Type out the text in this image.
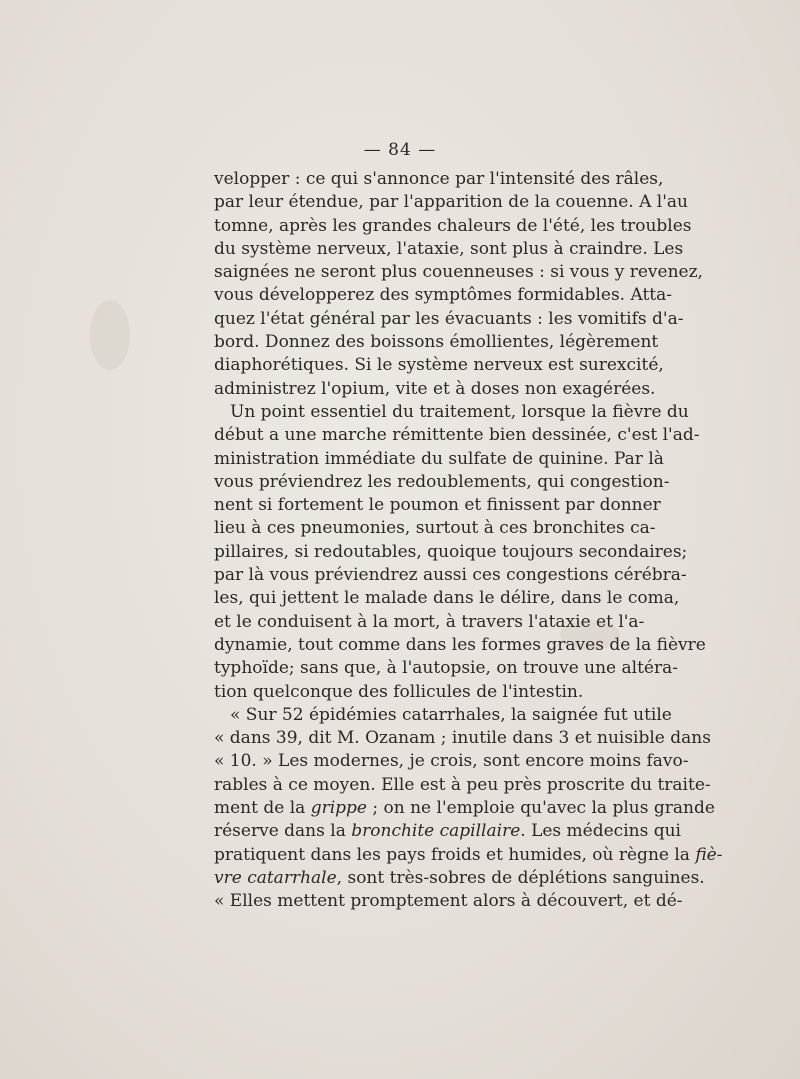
— 84 —
velopper : ce qui s'annonce par l'intensité des râles,
par leur étendue, par l'apparition de la couenne. A l'au
tomne, après les grandes chaleurs de l'été, les troubles
du système nerveux, l'ataxie, sont plus à craindre. Les
saignées ne seront plus couenneuses : si vous y revenez,
vous développerez des symptômes formidables. Atta-
quez l'état général par les évacuants : les vomitifs d'a-
bord. Donnez des boissons émollientes, légèrement
diaphorétiques. Si le système nerveux est surexcité,
administrez l'opium, vite et à doses non exagérées.
Un point essentiel du traitement, lorsque la fièvre du
début a une marche rémittente bien dessinée, c'est l'ad-
ministration immédiate du sulfate de quinine. Par là
vous préviendrez les redoublements, qui congestion-
nent si fortement le poumon et finissent par donner
lieu à ces pneumonies, surtout à ces bronchites ca-
pillaires, si redoutables, quoique toujours secondaires;
par là vous préviendrez aussi ces congestions cérébra-
les, qui jettent le malade dans le délire, dans le coma,
et le conduisent à la mort, à travers l'ataxie et l'a-
dynamie, tout comme dans les formes graves de la fièvre
typhoïde; sans que, à l'autopsie, on trouve une altéra-
tion quelconque des follicules de l'intestin.
« Sur 52 épidémies catarrhales, la saignée fut utile
« dans 39, dit M. Ozanam ; inutile dans 3 et nuisible dans
« 10. » Les modernes, je crois, sont encore moins favo-
rables à ce moyen. Elle est à peu près proscrite du traite-
ment de la grippe ; on ne l'emploie qu'avec la plus grande
réserve dans la bronchite capillaire. Les médecins qui
pratiquent dans les pays froids et humides, où règne la fiè-
vre catarrhale, sont très-sobres de déplétions sanguines.
« Elles mettent promptement alors à découvert, et dé-
